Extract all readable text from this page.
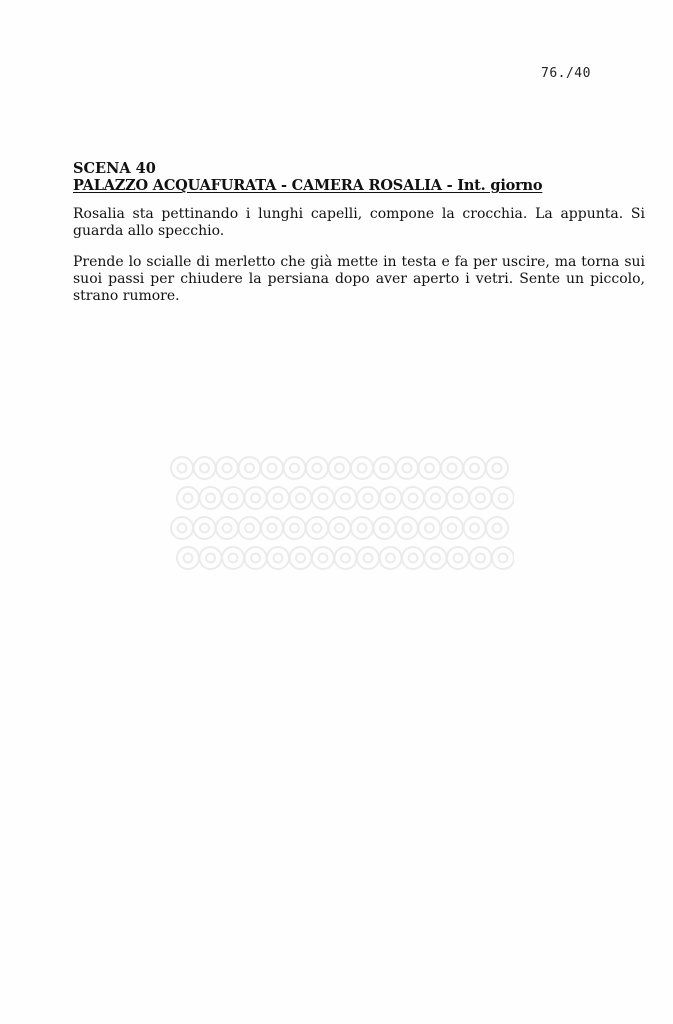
76./40
SCENA 40
PALAZZO ACQUAFURATA - CAMERA ROSALIA - Int. giorno

Rosalia sta pettinando i lunghi capelli, compone la crocchia. La appunta. Si guarda allo specchio.

Prende lo scialle di merletto che già mette in testa e fa per uscire, ma torna sui suoi passi per chiudere la persiana dopo aver aperto i vetri. Sente un piccolo, strano rumore.
